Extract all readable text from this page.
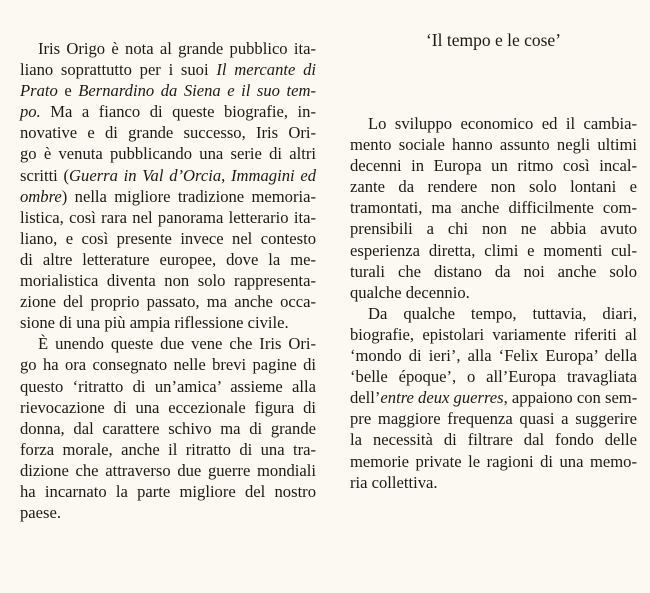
Iris Origo è nota al grande pubblico ita-
liano soprattutto per i suoi Il mercante di
Prato e Bernardino da Siena e il suo tem-
po. Ma a fianco di queste biografie, in-
novative e di grande successo, Iris Ori-
go è venuta pubblicando una serie di altri
scritti (Guerra in Val d’Orcia, Immagini ed
ombre) nella migliore tradizione memoria-
listica, così rara nel panorama letterario ita-
liano, e così presente invece nel contesto
di altre letterature europee, dove la me-
morialistica diventa non solo rappresenta-
zione del proprio passato, ma anche occa-
sione di una più ampia riflessione civile.
È unendo queste due vene che Iris Ori-
go ha ora consegnato nelle brevi pagine di
questo ‘ritratto di un’amica’ assieme alla
rievocazione di una eccezionale figura di
donna, dal carattere schivo ma di grande
forza morale, anche il ritratto di una tra-
dizione che attraverso due guerre mondiali
ha incarnato la parte migliore del nostro
paese.
‘Il tempo e le cose’
Lo sviluppo economico ed il cambia-
mento sociale hanno assunto negli ultimi
decenni in Europa un ritmo così incal-
zante da rendere non solo lontani e
tramontati, ma anche difficilmente com-
prensibili a chi non ne abbia avuto
esperienza diretta, climi e momenti cul-
turali che distano da noi anche solo
qualche decennio.
Da qualche tempo, tuttavia, diari,
biografie, epistolari variamente riferiti al
‘mondo di ieri’, alla ‘Felix Europa’ della
‘belle époque’, o all’Europa travagliata
dell’entre deux guerres, appaiono con sem-
pre maggiore frequenza quasi a suggerire
la necessità di filtrare dal fondo delle
memorie private le ragioni di una memo-
ria collettiva.
